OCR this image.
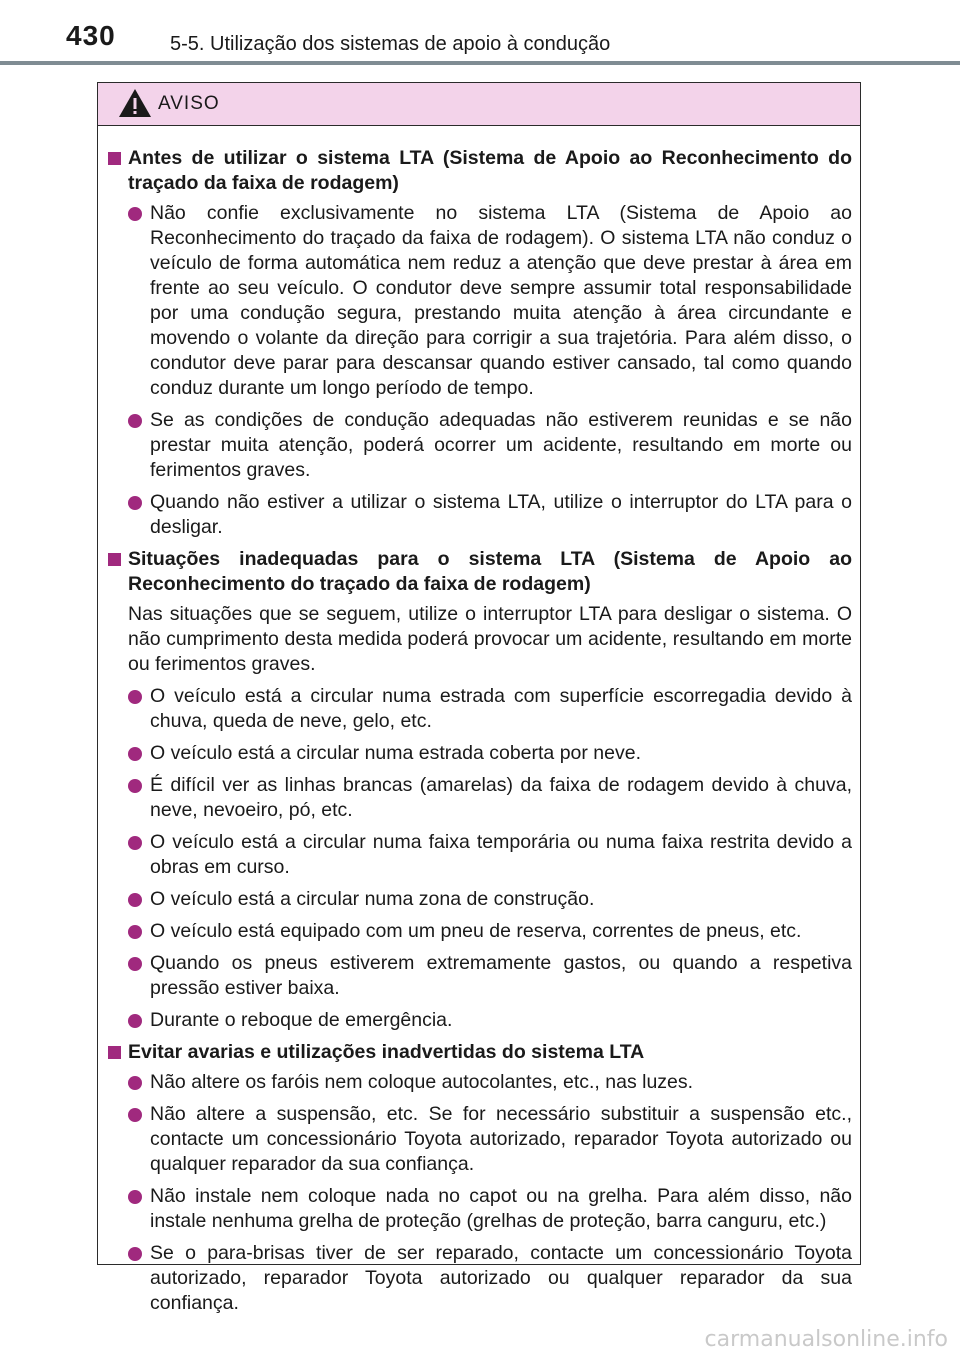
430	5-5. Utilização dos sistemas de apoio à condução
AVISO
Antes de utilizar o sistema LTA (Sistema de Apoio ao Reconhecimento do traçado da faixa de rodagem)
Não confie exclusivamente no sistema LTA (Sistema de Apoio ao Reconhecimento do traçado da faixa de rodagem). O sistema LTA não conduz o veículo de forma automática nem reduz a atenção que deve prestar à área em frente ao seu veículo. O condutor deve sempre assumir total responsabilidade por uma condução segura, prestando muita atenção à área circundante e movendo o volante da direção para corrigir a sua trajetória. Para além disso, o condutor deve parar para descansar quando estiver cansado, tal como quando conduz durante um longo período de tempo.
Se as condições de condução adequadas não estiverem reunidas e se não prestar muita atenção, poderá ocorrer um acidente, resultando em morte ou ferimentos graves.
Quando não estiver a utilizar o sistema LTA, utilize o interruptor do LTA para o desligar.
Situações inadequadas para o sistema LTA (Sistema de Apoio ao Reconhecimento do traçado da faixa de rodagem)
Nas situações que se seguem, utilize o interruptor LTA para desligar o sistema. O não cumprimento desta medida poderá provocar um acidente, resultando em morte ou ferimentos graves.
O veículo está a circular numa estrada com superfície escorregadia devido à chuva, queda de neve, gelo, etc.
O veículo está a circular numa estrada coberta por neve.
É difícil ver as linhas brancas (amarelas) da faixa de rodagem devido à chuva, neve, nevoeiro, pó, etc.
O veículo está a circular numa faixa temporária ou numa faixa restrita devido a obras em curso.
O veículo está a circular numa zona de construção.
O veículo está equipado com um pneu de reserva, correntes de pneus, etc.
Quando os pneus estiverem extremamente gastos, ou quando a respetiva pressão estiver baixa.
Durante o reboque de emergência.
Evitar avarias e utilizações inadvertidas do sistema LTA
Não altere os faróis nem coloque autocolantes, etc., nas luzes.
Não altere a suspensão, etc. Se for necessário substituir a suspensão etc., contacte um concessionário Toyota autorizado, reparador Toyota autorizado ou qualquer reparador da sua confiança.
Não instale nem coloque nada no capot ou na grelha. Para além disso, não instale nenhuma grelha de proteção (grelhas de proteção, barra canguru, etc.)
Se o para-brisas tiver de ser reparado, contacte um concessionário Toyota autorizado, reparador Toyota autorizado ou qualquer reparador da sua confiança.
carmanualsonline.info
